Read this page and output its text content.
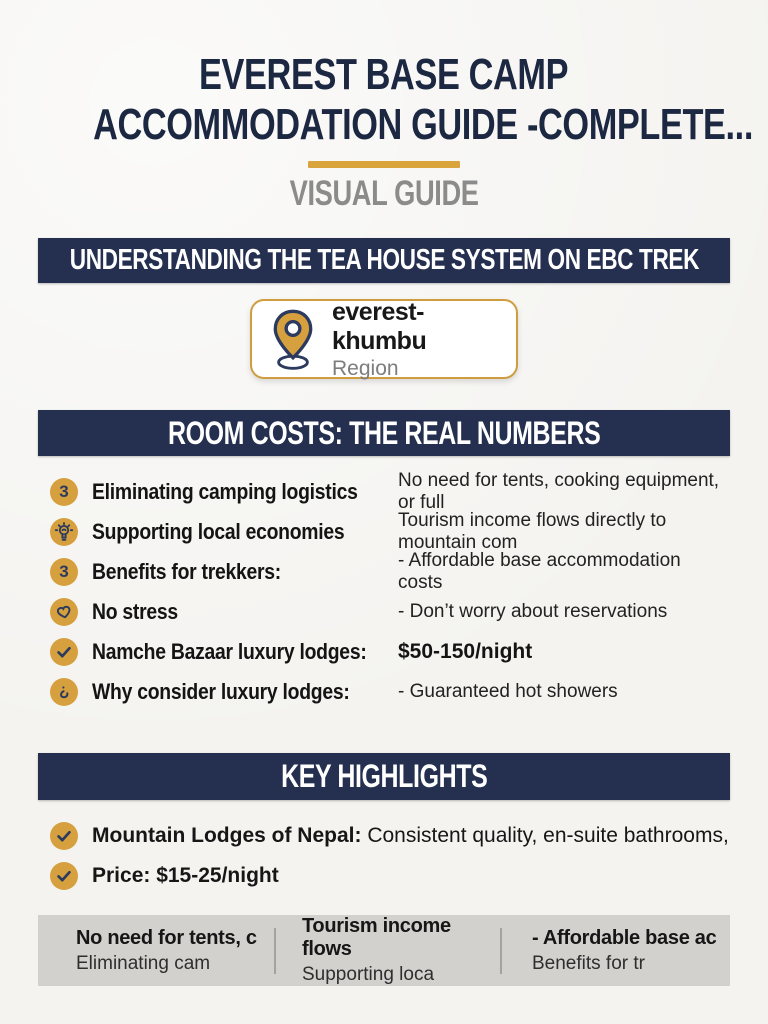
EVEREST BASE CAMP
ACCOMMODATION GUIDE -COMPLETE...
VISUAL GUIDE
UNDERSTANDING THE TEA HOUSE SYSTEM ON EBC TREK
everest-khumbu
Region
ROOM COSTS: THE REAL NUMBERS
3 Eliminating camping logistics	No need for tents, cooking equipment, or full
Supporting local economies	Tourism income flows directly to mountain com
3 Benefits for trekkers:	- Affordable base accommodation costs
No stress	- Don’t worry about reservations
Namche Bazaar luxury lodges:	$50-150/night
Why consider luxury lodges:	- Guaranteed hot showers
KEY HIGHLIGHTS
Mountain Lodges of Nepal: Consistent quality, en-suite bathrooms,
Price: $15-25/night
No need for tents, c
Eliminating cam
Tourism income flows
Supporting loca
- Affordable base ac
Benefits for tr
